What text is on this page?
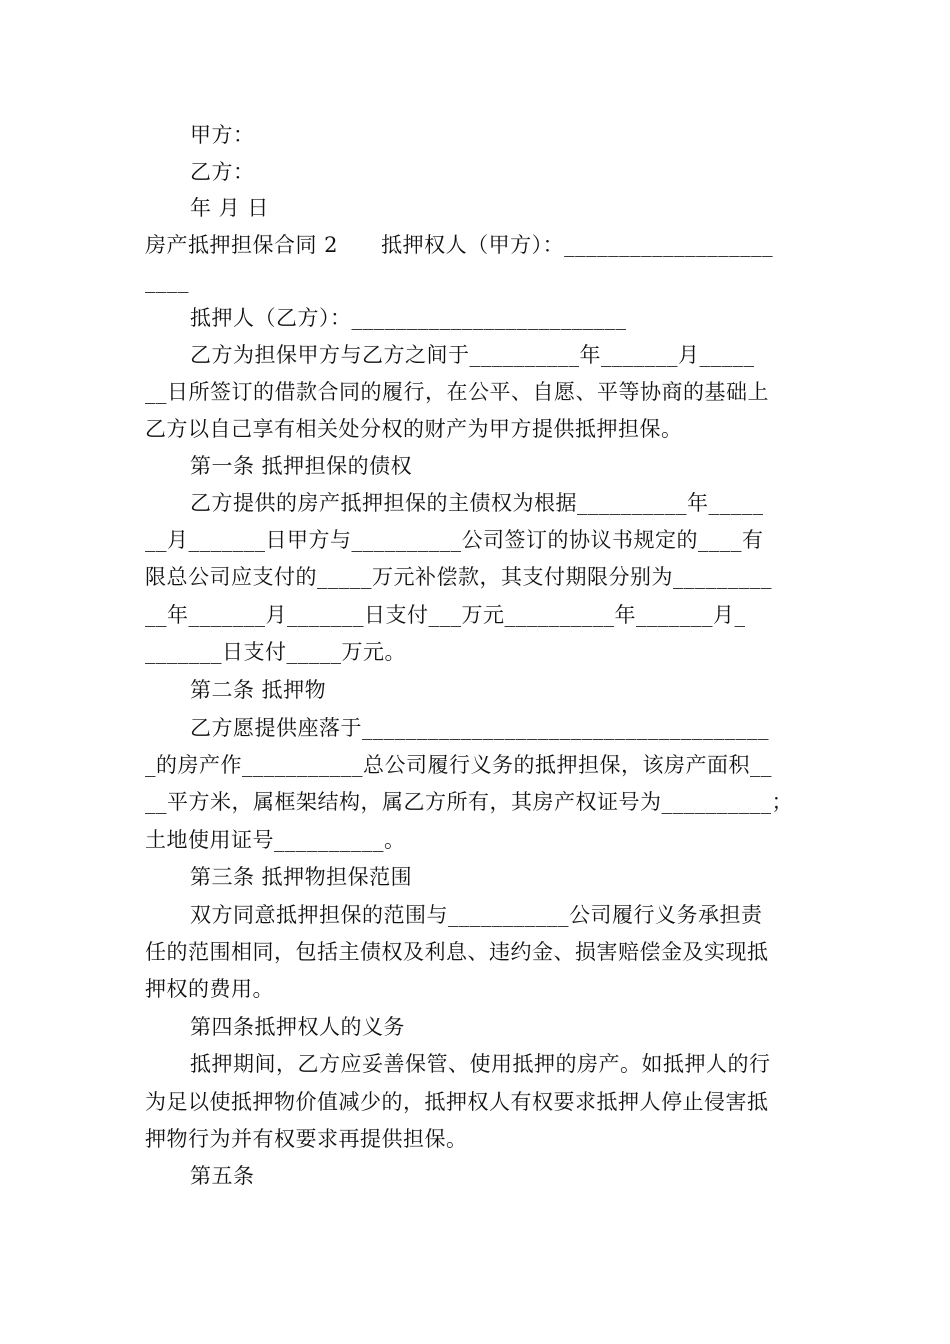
甲方：
乙方：
年 月 日
房产抵押担保合同 2      抵押权人（甲方）：___________________
____
抵押人（乙方）：_________________________
乙方为担保甲方与乙方之间于__________年_______月_____
__日所签订的借款合同的履行，在公平、自愿、平等协商的基础上
乙方以自己享有相关处分权的财产为甲方提供抵押担保。
第一条 抵押担保的债权
乙方提供的房产抵押担保的主债权为根据__________年_____
__月_______日甲方与__________公司签订的协议书规定的____有
限总公司应支付的_____万元补偿款，其支付期限分别为_________
__年_______月_______日支付___万元__________年_______月_
_______日支付_____万元。
第二条 抵押物
乙方愿提供座落于_____________________________________
_的房产作___________总公司履行义务的抵押担保，该房产面积__
__平方米，属框架结构，属乙方所有，其房产权证号为__________；
土地使用证号__________。
第三条 抵押物担保范围
双方同意抵押担保的范围与___________公司履行义务承担责
任的范围相同，包括主债权及利息、违约金、损害赔偿金及实现抵
押权的费用。
第四条抵押权人的义务
抵押期间，乙方应妥善保管、使用抵押的房产。如抵押人的行
为足以使抵押物价值减少的，抵押权人有权要求抵押人停止侵害抵
押物行为并有权要求再提供担保。
第五条
